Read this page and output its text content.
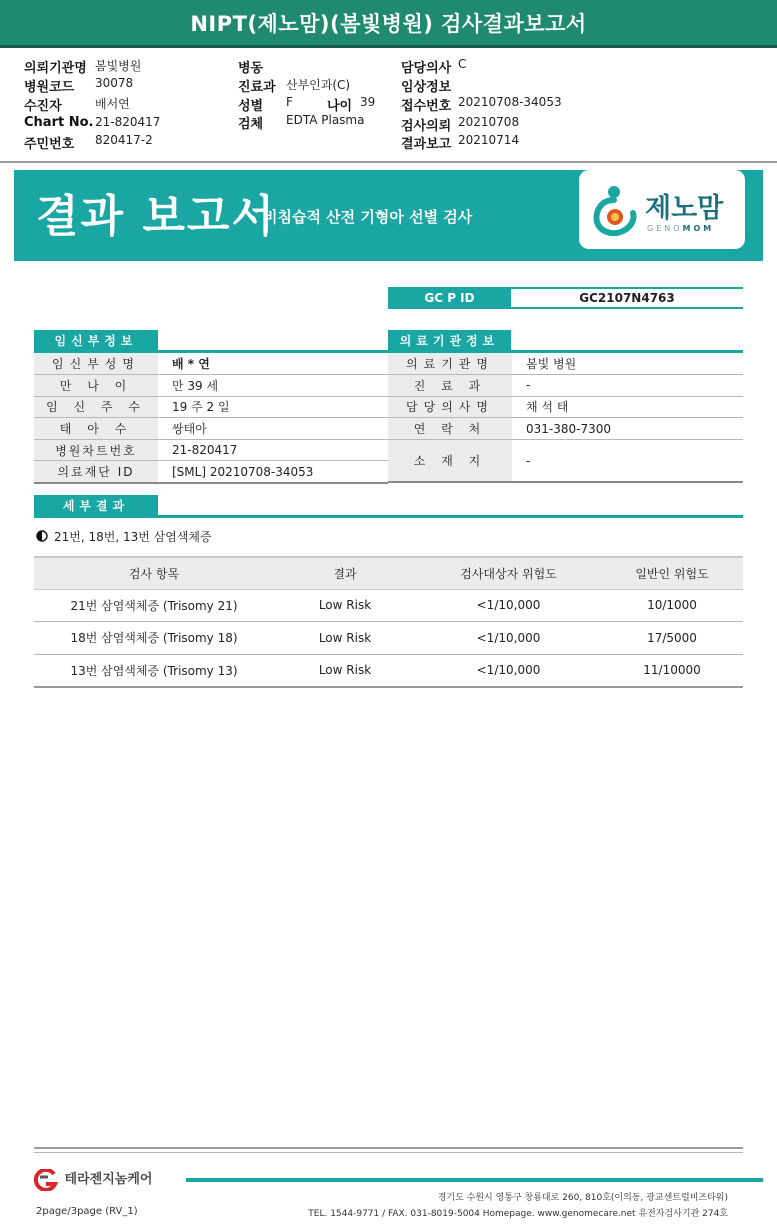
NIPT(제노맘)(봄빛병원) 검사결과보고서
의뢰기관명 봄빛병원
병원코드 30078
수진자	배서연
Chart No. 21-820417
주민번호 820417-2
병동
진료과 산부인과(C)
성별 F	나이 39
검체 EDTA Plasma
담당의사 C
임상정보
접수번호 20210708-34053
검사의뢰 20210708
결과보고 20210714
결과 보고서
비침습적 산전 기형아 선별 검사	제노맘
GENOMOM
GC P ID	GC2107N4763
임신부정보
임신부성명	배 * 연
만 나 이	만 39 세
임 신 주 수	19 주 2 일
태 아 수	쌍태아
병원차트번호	21-820417
의료재단 ID	[SML] 20210708-34053
의료기관정보
의료기관명	봄빛 병원
진 료 과	-
담당의사명	채 석 태
연 락 처	031-380-7300
소 재 지	-
세부결과
21번, 18번, 13번 삼염색체증
검사 항목	결과	검사대상자 위험도	일반인 위험도
21번 삼염색체증 (Trisomy 21)	Low Risk	<1/10,000	10/1000
18번 삼염색체증 (Trisomy 18)	Low Risk	<1/10,000	17/5000
13번 삼염색체증 (Trisomy 13)	Low Risk	<1/10,000	11/10000
테라젠지놈케어
경기도 수원시 영통구 창룡대로 260, 810호(이의동, 광교센트럴비즈타워)
TEL. 1544-9771 / FAX. 031-8019-5004 Homepage. www.genomecare.net 유전자검사기관 274호
2page/3page (RV_1)
